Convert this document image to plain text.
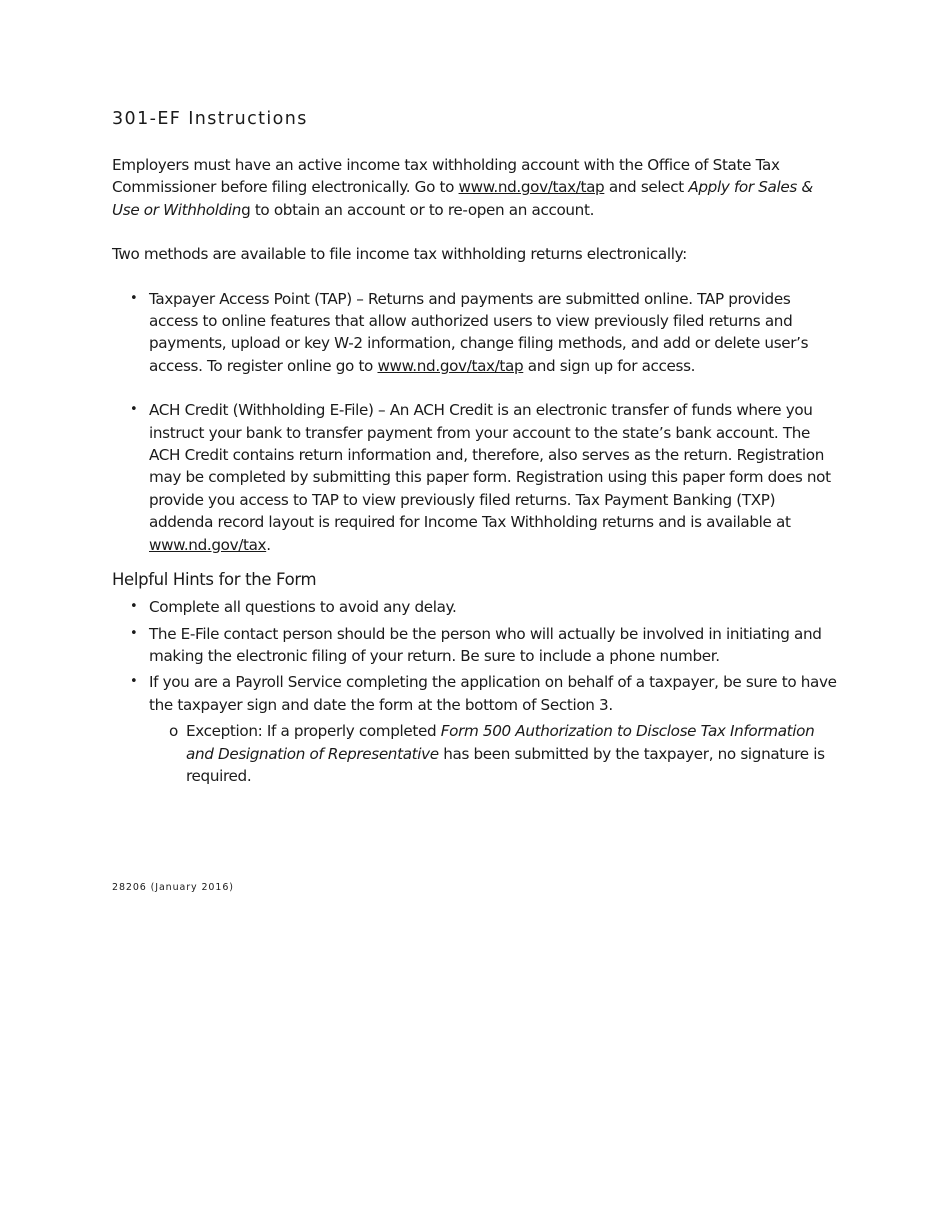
301-EF Instructions

Employers must have an active income tax withholding account with the Office of State Tax Commissioner before filing electronically. Go to www.nd.gov/tax/tap and select Apply for Sales & Use or Withholding to obtain an account or to re-open an account.

Two methods are available to file income tax withholding returns electronically:

• Taxpayer Access Point (TAP) – Returns and payments are submitted online. TAP provides access to online features that allow authorized users to view previously filed returns and payments, upload or key W-2 information, change filing methods, and add or delete user’s access. To register online go to www.nd.gov/tax/tap and sign up for access.
• ACH Credit (Withholding E-File) – An ACH Credit is an electronic transfer of funds where you instruct your bank to transfer payment from your account to the state’s bank account. The ACH Credit contains return information and, therefore, also serves as the return. Registration may be completed by submitting this paper form. Registration using this paper form does not provide you access to TAP to view previously filed returns. Tax Payment Banking (TXP) addenda record layout is required for Income Tax Withholding returns and is available at www.nd.gov/tax.
Helpful Hints for the Form
• Complete all questions to avoid any delay.
• The E-File contact person should be the person who will actually be involved in initiating and making the electronic filing of your return. Be sure to include a phone number.
• If you are a Payroll Service completing the application on behalf of a taxpayer, be sure to have the taxpayer sign and date the form at the bottom of Section 3.
o Exception: If a properly completed Form 500 Authorization to Disclose Tax Information and Designation of Representative has been submitted by the taxpayer, no signature is required.
28206 (January 2016)
